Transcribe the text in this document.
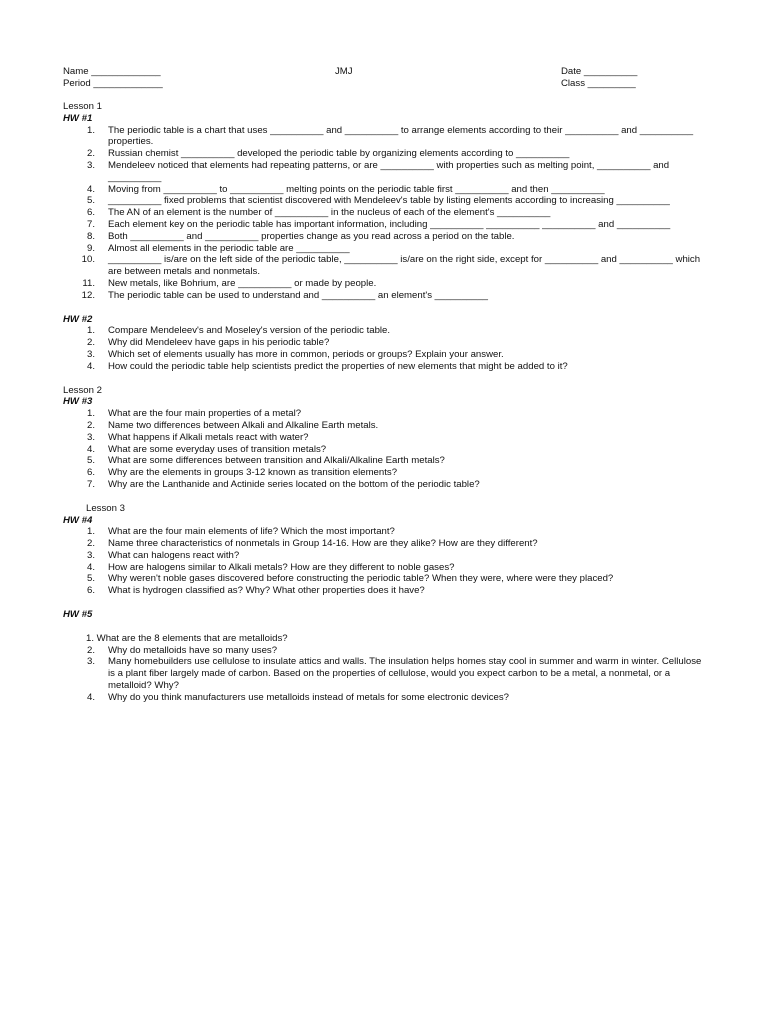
Name _____________
Period _____________
JMJ	Date __________
Class _________
Lesson 1
HW #1
1.	The periodic table is a chart that uses __________ and __________ to arrange elements according to their __________ and __________ properties.
2.	Russian chemist __________ developed the periodic table by organizing elements according to __________
3.	Mendeleev noticed that elements had repeating patterns, or are __________ with properties such as melting point, __________ and __________
4.	Moving from __________ to __________ melting points on the periodic table first __________ and then __________
5.	__________ fixed problems that scientist discovered with Mendeleev's table by listing elements according to increasing __________
6.	The AN of an element is the number of __________ in the nucleus of each of the element's __________
7.	Each element key on the periodic table has important information, including __________ __________ __________ and __________
8.	Both __________ and __________ properties change as you read across a period on the table.
9.	Almost all elements in the periodic table are __________
10.	__________ is/are on the left side of the periodic table, __________ is/are on the right side, except for __________ and __________ which are between metals and nonmetals.
11.	New metals, like Bohrium, are __________ or made by people.
12.	The periodic table can be used to understand and __________ an element's __________
HW #2
1.	Compare Mendeleev's and Moseley's version of the periodic table.
2.	Why did Mendeleev have gaps in his periodic table?
3.	Which set of elements usually has more in common, periods or groups? Explain your answer.
4.	How could the periodic table help scientists predict the properties of new elements that might be added to it?
Lesson 2
HW #3
1.	What are the four main properties of a metal?
2.	Name two differences between Alkali and Alkaline Earth metals.
3.	What happens if Alkali metals react with water?
4.	What are some everyday uses of transition metals?
5.	What are some differences between transition and Alkali/Alkaline Earth metals?
6.	Why are the elements in groups 3-12 known as transition elements?
7.	Why are the Lanthanide and Actinide series located on the bottom of the periodic table?
Lesson 3
HW #4
1.	What are the four main elements of life? Which the most important?
2.	Name three characteristics of nonmetals in Group 14-16. How are they alike? How are they different?
3.	What can halogens react with?
4.	How are halogens similar to Alkali metals? How are they different to noble gases?
5.	Why weren't noble gases discovered before constructing the periodic table? When they were, where were they placed?
6.	What is hydrogen classified as? Why? What other properties does it have?
HW #5
1. What are the 8 elements that are metalloids?
2.	Why do metalloids have so many uses?
3.	Many homebuilders use cellulose to insulate attics and walls. The insulation helps homes stay cool in summer and warm in winter. Cellulose is a plant fiber largely made of carbon. Based on the properties of cellulose, would you expect carbon to be a metal, a nonmetal, or a metalloid? Why?
4.	Why do you think manufacturers use metalloids instead of metals for some electronic devices?
